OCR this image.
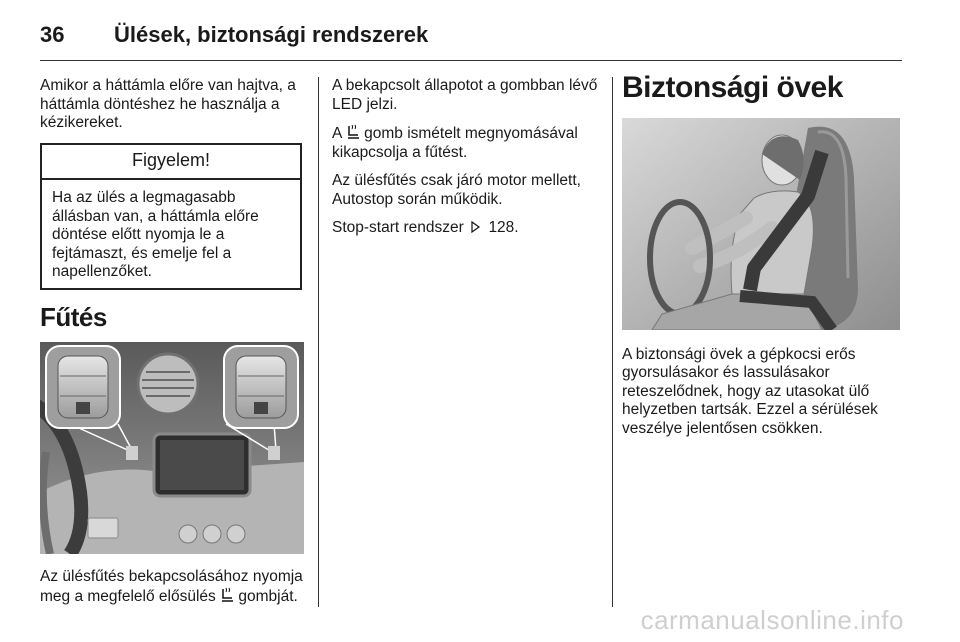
36	Ülések, biztonsági rendszerek

Amikor a háttámla előre van hajtva, a háttámla döntéshez he használja a kézikereket.

Figyelem!
Ha az ülés a legmagasabb állásban van, a háttámla előre döntése előtt nyomja le a fejtámaszt, és emelje fel a napellenzőket.
Fűtés

Az ülésfűtés bekapcsolásához nyomja meg a megfelelő elősülés gombját.

A bekapcsolt állapotot a gombban lévő LED jelzi.

A gomb ismételt megnyomásával kikapcsolja a fűtést.

Az ülésfűtés csak járó motor mellett, Autostop során működik.

Stop-start rendszer 128.

Biztonsági övek

A biztonsági övek a gépkocsi erős gyorsulásakor és lassulásakor reteszelődnek, hogy az utasokat ülő helyzetben tartsák. Ezzel a sérülések veszélye jelentősen csökken.

carmanualsonline.info
